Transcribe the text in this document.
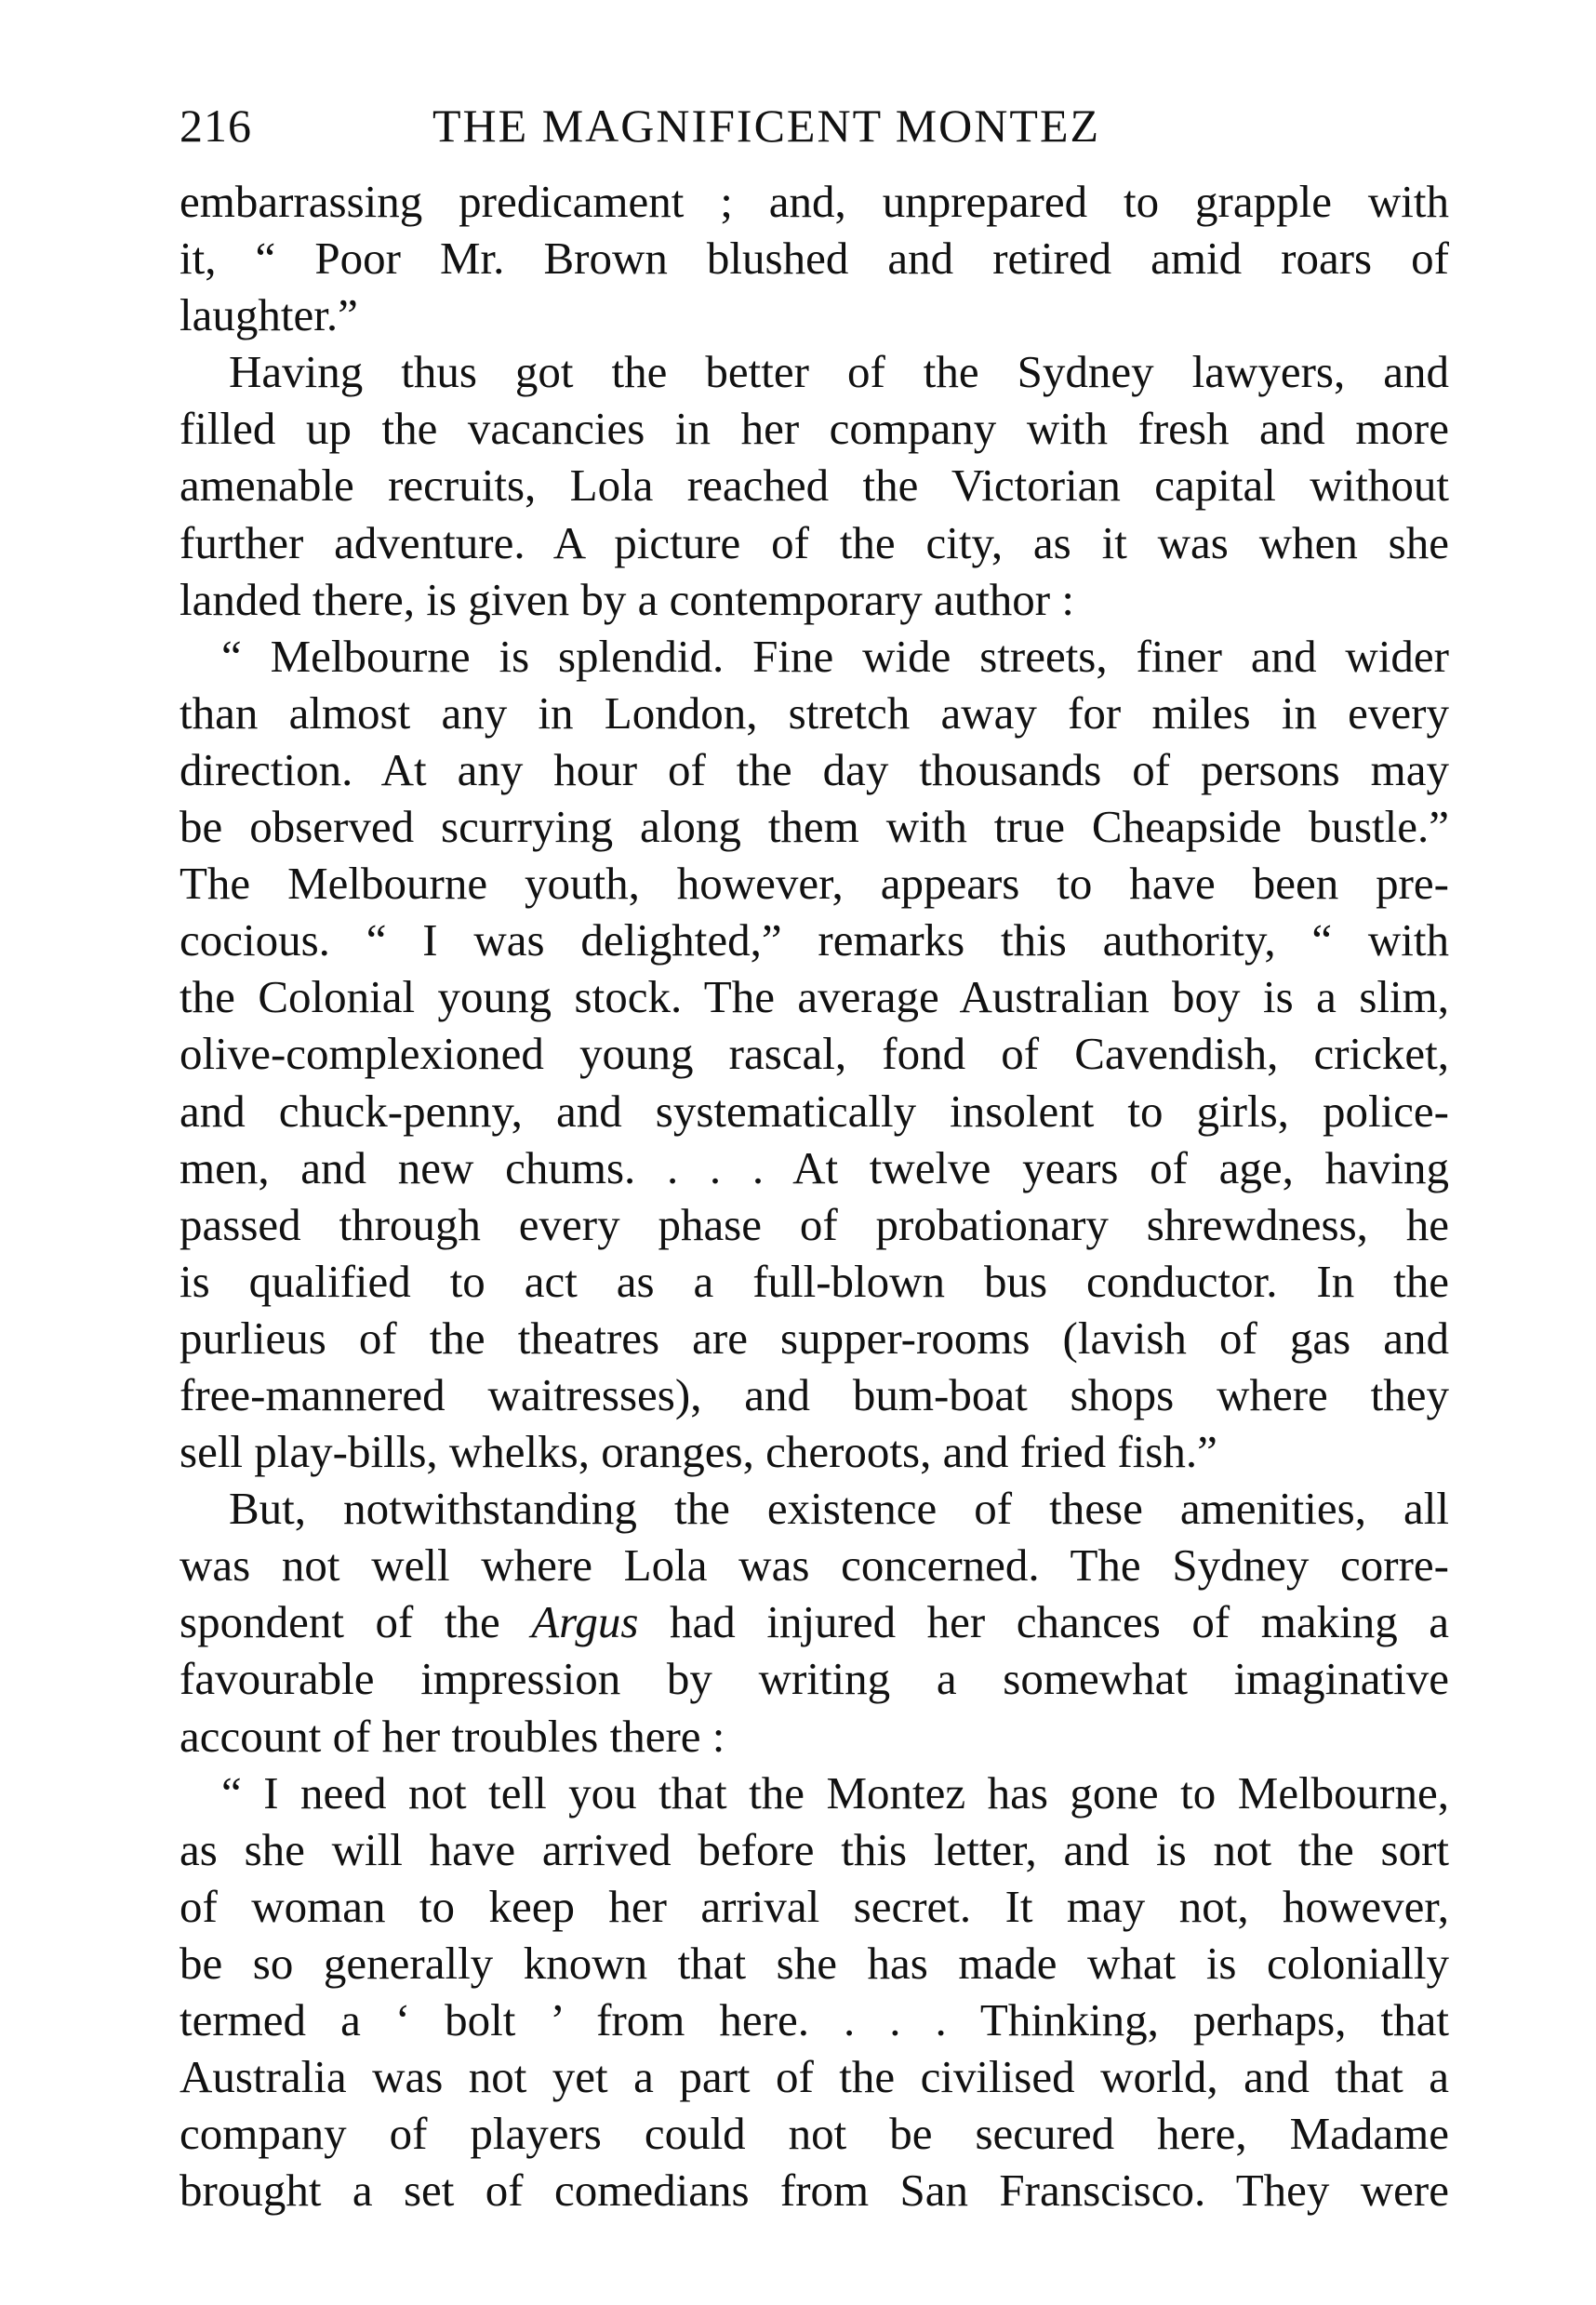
216	THE MAGNIFICENT MONTEZ
embarrassing predicament ; and, unprepared to grapple with
it, “ Poor Mr. Brown blushed and retired amid roars of
laughter.”
Having thus got the better of the Sydney lawyers, and
filled up the vacancies in her company with fresh and more
amenable recruits, Lola reached the Victorian capital without
further adventure. A picture of the city, as it was when she
landed there, is given by a contemporary author :
“ Melbourne is splendid. Fine wide streets, finer and wider
than almost any in London, stretch away for miles in every
direction. At any hour of the day thousands of persons may
be observed scurrying along them with true Cheapside bustle.”
The Melbourne youth, however, appears to have been pre-
cocious. “ I was delighted,” remarks this authority, “ with
the Colonial young stock. The average Australian boy is a slim,
olive-complexioned young rascal, fond of Cavendish, cricket,
and chuck-penny, and systematically insolent to girls, police-
men, and new chums. . . . At twelve years of age, having
passed through every phase of probationary shrewdness, he
is qualified to act as a full-blown bus conductor. In the
purlieus of the theatres are supper-rooms (lavish of gas and
free-mannered waitresses), and bum-boat shops where they
sell play-bills, whelks, oranges, cheroots, and fried fish.”
But, notwithstanding the existence of these amenities, all
was not well where Lola was concerned. The Sydney corre-
spondent of the Argus had injured her chances of making a
favourable impression by writing a somewhat imaginative
account of her troubles there :
“ I need not tell you that the Montez has gone to Melbourne,
as she will have arrived before this letter, and is not the sort
of woman to keep her arrival secret. It may not, however,
be so generally known that she has made what is colonially
termed a ‘ bolt ’ from here. . . . Thinking, perhaps, that
Australia was not yet a part of the civilised world, and that a
company of players could not be secured here, Madame
brought a set of comedians from San Franscisco. They were
